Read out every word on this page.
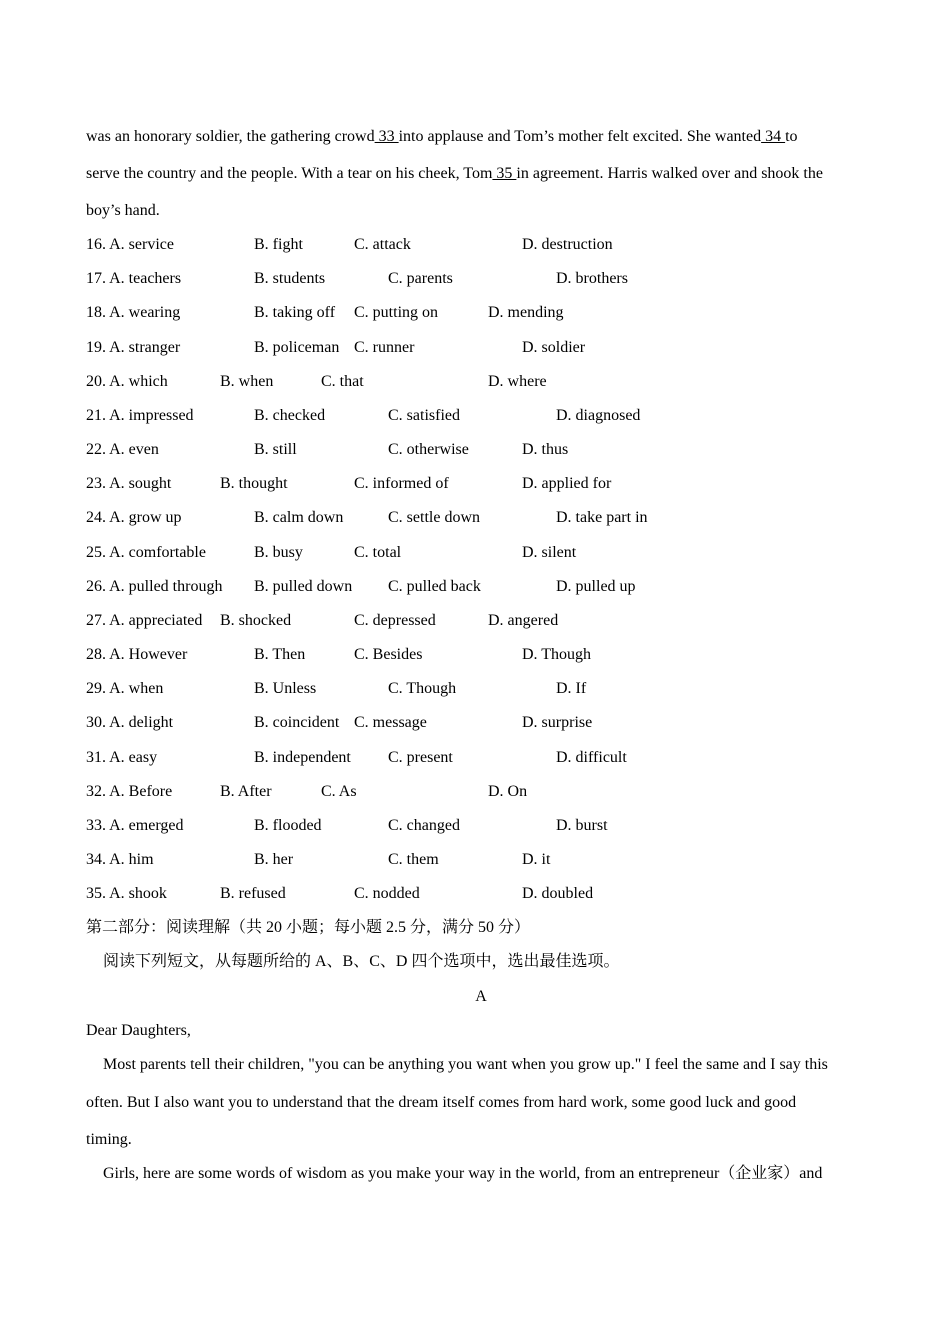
was an honorary soldier, the gathering crowd 33 into applause and Tom’s mother felt excited. She wanted 34 to
serve the country and the people. With a tear on his cheek, Tom 35 in agreement. Harris walked over and shook the
boy’s hand.
16. A. service	B. fight	C. attack	D. destruction
17. A. teachers	B. students	C. parents	D. brothers
18. A. wearing	B. taking off C. putting on	D. mending
19. A. stranger	B. policeman C. runner	D. soldier
20. A. which	B. when	C. that	D. where
21. A. impressed	B. checked	C. satisfied	D. diagnosed
22. A. even	B. still	C. otherwise	D. thus
23. A. sought	B. thought	C. informed of	D. applied for
24. A. grow up	B. calm down	C. settle down	D. take part in
25. A. comfortable	B. busy	C. total	D. silent
26. A. pulled through B. pulled down C. pulled back	D. pulled up
27. A. appreciated B. shocked	C. depressed	D. angered
28. A. However	B. Then	C. Besides	D. Though
29. A. when	B. Unless	C. Though	D. If
30. A. delight	B. coincident C. message	D. surprise
31. A. easy	B. independent C. present	D. difficult
32. A. Before	B. After	C. As	D. On
33. A. emerged	B. flooded	C. changed	D. burst
34. A. him	B. her	C. them	D. it
35. A. shook	B. refused	C. nodded	D. doubled
第二部分：阅读理解（共 20 小题；每小题 2.5 分，满分 50 分）
阅读下列短文，从每题所给的 A、B、C、D 四个选项中，选出最佳选项。
A
Dear Daughters,
Most parents tell their children, "you can be anything you want when you grow up." I feel the same and I say this
often. But I also want you to understand that the dream itself comes from hard work, some good luck and good
timing.
Girls, here are some words of wisdom as you make your way in the world, from an entrepreneur（企业家）and
